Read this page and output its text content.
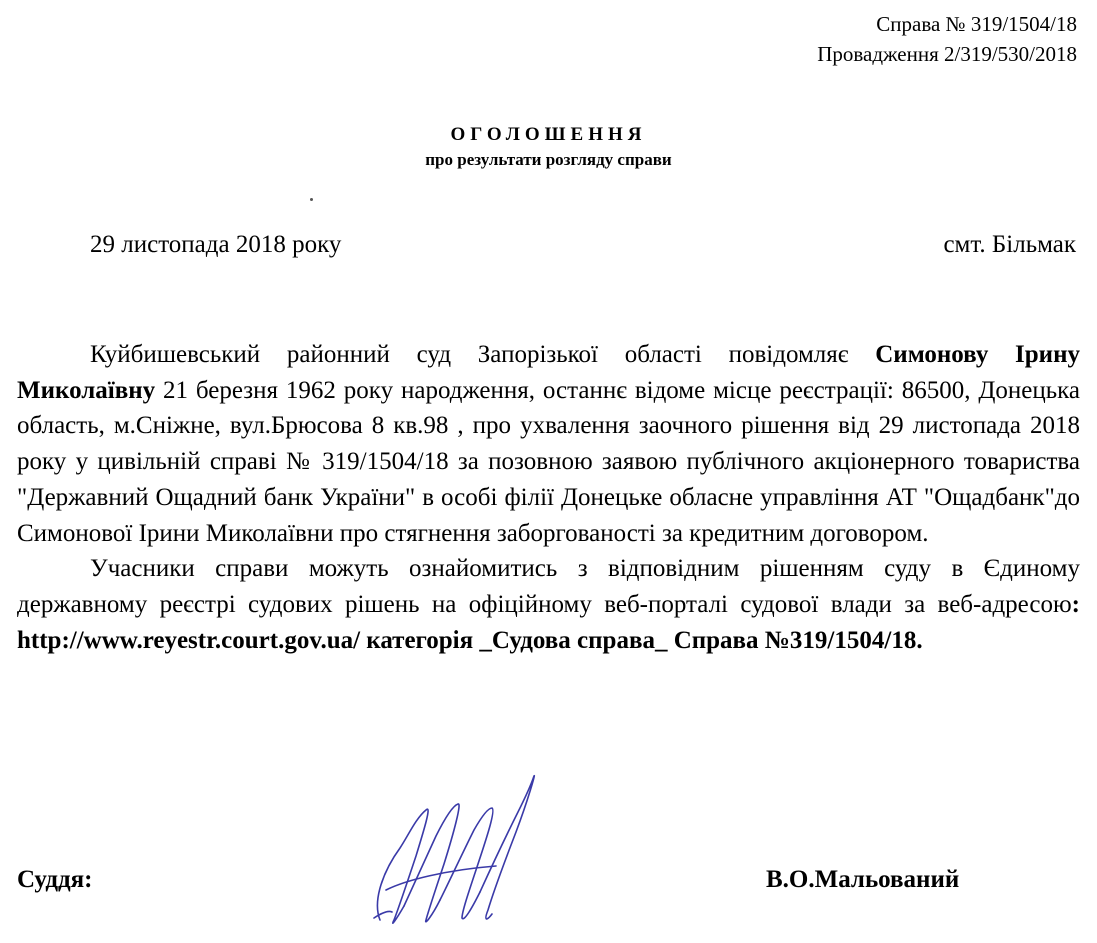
Справа № 319/1504/18
Провадження 2/319/530/2018
ОГОЛОШЕННЯ
про результати розгляду справи
29 листопада 2018 року	смт. Більмак

Куйбишевський районний суд Запорізької області повідомляє Симонову Ірину Миколаївну 21 березня 1962 року народження, останнє відоме місце реєстрації: 86500, Донецька область, м.Сніжне, вул.Брюсова 8 кв.98 , про ухвалення заочного рішення від 29 листопада 2018 року у цивільній справі № 319/1504/18 за позовною заявою публічного акціонерного товариства "Державний Ощадний банк України" в особі філії Донецьке обласне управління АТ "Ощадбанк"до Симонової Ірини Миколаївни про стягнення заборгованості за кредитним договором.

Учасники справи можуть ознайомитись з відповідним рішенням суду в Єдиному державному реєстрі судових рішень на офіційному веб-порталі судової влади за веб-адресою: http://www.reyestr.court.gov.ua/ категорія _Судова справа_ Справа №319/1504/18.

Суддя:	В.О.Мальований
